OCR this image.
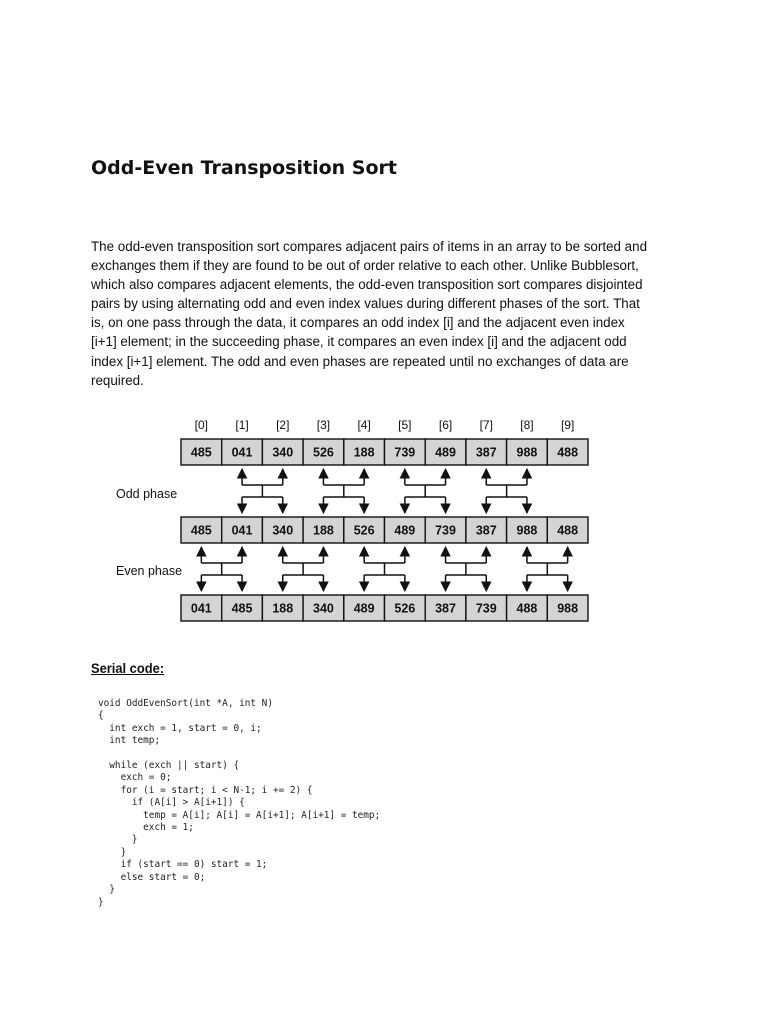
Odd-Even Transposition Sort
The odd-even transposition sort compares adjacent pairs of items in an array to be sorted and
exchanges them if they are found to be out of order relative to each other. Unlike Bubblesort,
which also compares adjacent elements, the odd-even transposition sort compares disjointed
pairs by using alternating odd and even index values during different phases of the sort. That
is, on one pass through the data, it compares an odd index [i] and the adjacent even index
[i+1] element; in the succeeding phase, it compares an even index [i] and the adjacent odd
index [i+1] element. The odd and even phases are repeated until no exchanges of data are
required.
[0] [1] [2] [3] [4] [5] [6] [7] [8] [9]
485 041 340 526 188 739 489 387 988 488
485 041 340 188 526 489 739 387 988 488
041 485 188 340 489 526 387 739 488 988
Odd phase
Even phase
Serial code:
void OddEvenSort(int *A, int N)
{
int exch = 1, start = 0, i;
int temp;

while (exch || start) {
exch = 0;
for (i = start; i < N-1; i += 2) {
if (A[i] > A[i+1]) {
temp = A[i]; A[i] = A[i+1]; A[i+1] = temp;
exch = 1;
}
}
if (start == 0) start = 1;
else start = 0;
}
}
